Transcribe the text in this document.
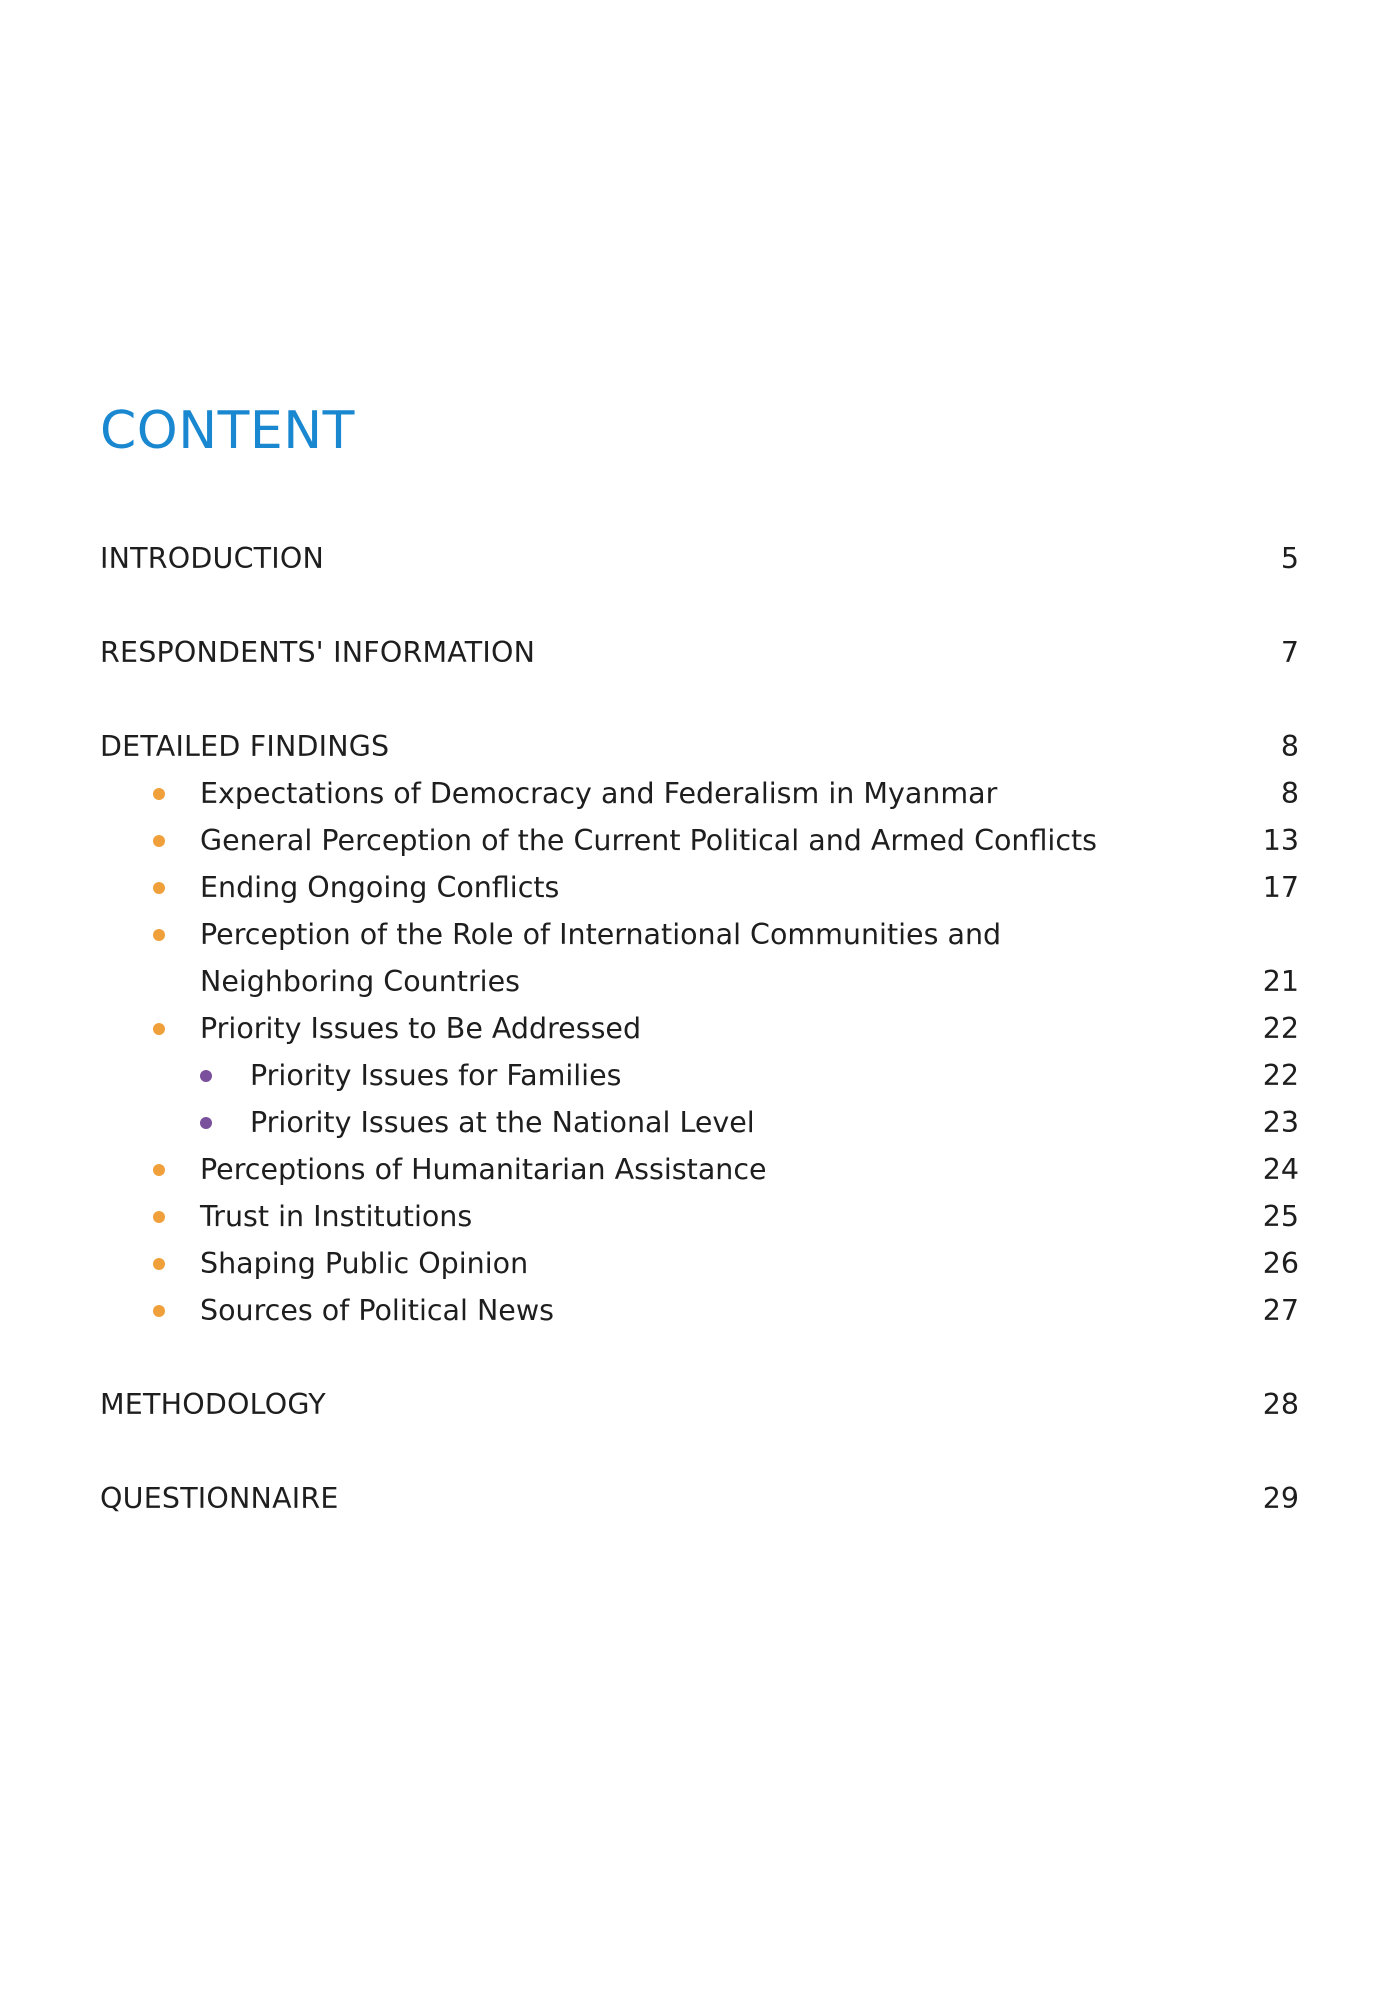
CONTENT
INTRODUCTION	5
RESPONDENTS' INFORMATION	7
DETAILED FINDINGS	8
Expectations of Democracy and Federalism in Myanmar	8
General Perception of the Current Political and Armed Conflicts	13
Ending Ongoing Conflicts	17
Perception of the Role of International Communities and
Neighboring Countries	21
Priority Issues to Be Addressed	22
Priority Issues for Families	22
Priority Issues at the National Level	23
Perceptions of Humanitarian Assistance	24
Trust in Institutions	25
Shaping Public Opinion	26
Sources of Political News	27
METHODOLOGY	28
QUESTIONNAIRE	29
